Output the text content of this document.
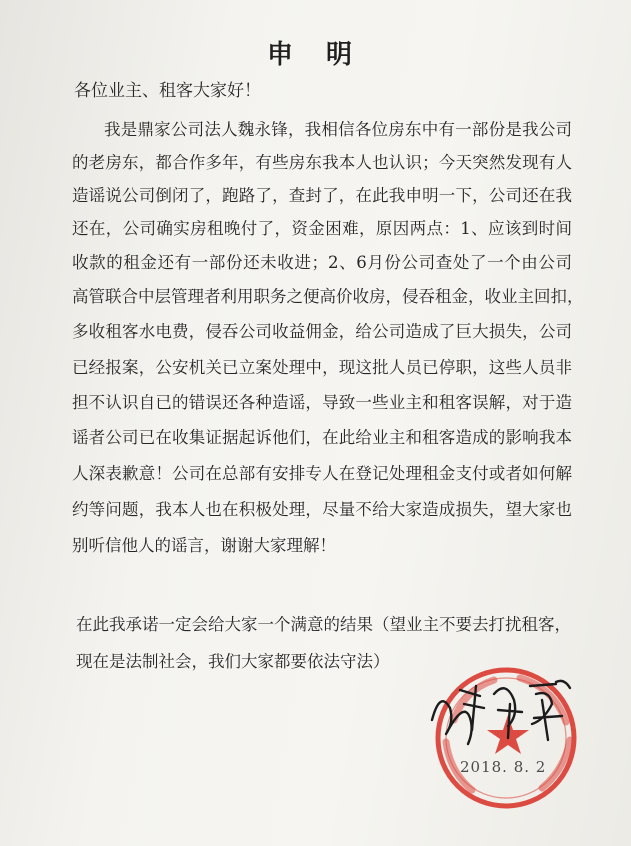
申 明
各位业主、租客大家好！
我是鼎家公司法人魏永锋，我相信各位房东中有一部份是我公司
的老房东，都合作多年，有些房东我本人也认识；今天突然发现有人
造谣说公司倒闭了，跑路了，查封了，在此我申明一下，公司还在我
还在，公司确实房租晚付了，资金困难，原因两点：1、应该到时间
收款的租金还有一部份还未收进；2、6月份公司查处了一个由公司
高管联合中层管理者利用职务之便高价收房，侵吞租金，收业主回扣，
多收租客水电费，侵吞公司收益佣金，给公司造成了巨大损失，公司
已经报案，公安机关已立案处理中，现这批人员已停职，这些人员非
担不认识自已的错误还各种造谣，导致一些业主和租客误解，对于造
谣者公司已在收集证据起诉他们，在此给业主和租客造成的影响我本
人深表歉意！公司在总部有安排专人在登记处理租金支付或者如何解
约等问题，我本人也在积极处理，尽量不给大家造成损失，望大家也
别听信他人的谣言，谢谢大家理解！
在此我承诺一定会给大家一个满意的结果（望业主不要去打扰租客，
现在是法制社会，我们大家都要依法守法）
2018. 8. 2
